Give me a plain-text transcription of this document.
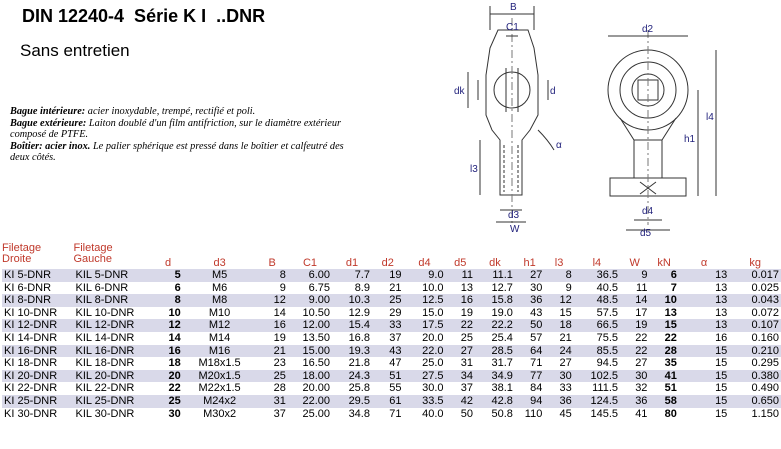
DIN 12240-4  Série K I  ..DNR
Sans entretien

Bague intérieure: acier inoxydable, trempé, rectifié et poli.

Bague extérieure: Laiton doublé d'un film antifriction, sur le diamètre extérieur composé de PTFE.

Boîtier: acier inox. Le palier sphérique est pressé dans le boîtier et calfeutré des deux côtés.

B
C1
dk	d
l3
d3
W
α
d2
h1
l4
d4
d5
Filetage Droite	Filetage Gauche	d	d3	B	C1	d1	d2	d4	d5	dk	h1	l3	l4	W	kN	α	kg
KI 5-DNR	KIL 5-DNR	5	M5	8	6.00	7.7	19	9.0	11	11.1	27	8	36.5	9	6	13	0.017
KI 6-DNR	KIL 6-DNR	6	M6	9	6.75	8.9	21	10.0	13	12.7	30	9	40.5	11	7	13	0.025
KI 8-DNR	KIL 8-DNR	8	M8	12	9.00	10.3	25	12.5	16	15.8	36	12	48.5	14	10	13	0.043
KI 10-DNR	KIL 10-DNR	10	M10	14	10.50	12.9	29	15.0	19	19.0	43	15	57.5	17	13	13	0.072
KI 12-DNR	KIL 12-DNR	12	M12	16	12.00	15.4	33	17.5	22	22.2	50	18	66.5	19	15	13	0.107
KI 14-DNR	KIL 14-DNR	14	M14	19	13.50	16.8	37	20.0	25	25.4	57	21	75.5	22	22	16	0.160
KI 16-DNR	KIL 16-DNR	16	M16	21	15.00	19.3	43	22.0	27	28.5	64	24	85.5	22	28	15	0.210
KI 18-DNR	KIL 18-DNR	18	M18x1.5	23	16.50	21.8	47	25.0	31	31.7	71	27	94.5	27	35	15	0.295
KI 20-DNR	KIL 20-DNR	20	M20x1.5	25	18.00	24.3	51	27.5	34	34.9	77	30	102.5	30	41	15	0.380
KI 22-DNR	KIL 22-DNR	22	M22x1.5	28	20.00	25.8	55	30.0	37	38.1	84	33	111.5	32	51	15	0.490
KI 25-DNR	KIL 25-DNR	25	M24x2	31	22.00	29.5	61	33.5	42	42.8	94	36	124.5	36	58	15	0.650
KI 30-DNR	KIL 30-DNR	30	M30x2	37	25.00	34.8	71	40.0	50	50.8	110	45	145.5	41	80	15	1.150
